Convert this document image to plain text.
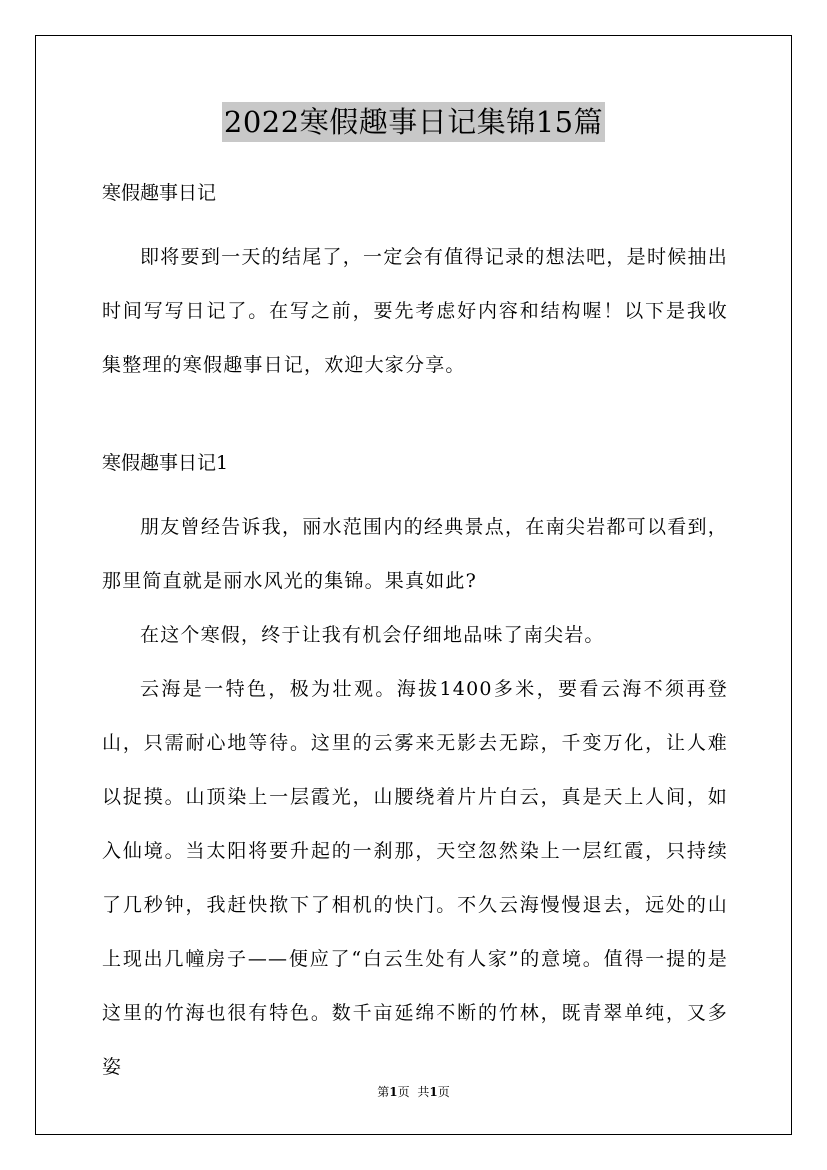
2022寒假趣事日记集锦15篇
寒假趣事日记

即将要到一天的结尾了，一定会有值得记录的想法吧，是时候抽出时间写写日记了。在写之前，要先考虑好内容和结构喔！以下是我收集整理的寒假趣事日记，欢迎大家分享。

寒假趣事日记1

朋友曾经告诉我，丽水范围内的经典景点，在南尖岩都可以看到，那里简直就是丽水风光的集锦。果真如此?

在这个寒假，终于让我有机会仔细地品味了南尖岩。

云海是一特色，极为壮观。海拔1400多米，要看云海不须再登山，只需耐心地等待。这里的云雾来无影去无踪，千变万化，让人难以捉摸。山顶染上一层霞光，山腰绕着片片白云，真是天上人间，如入仙境。当太阳将要升起的一刹那，天空忽然染上一层红霞，只持续了几秒钟，我赶快揿下了相机的快门。不久云海慢慢退去，远处的山上现出几幢房子——便应了“白云生处有人家”的意境。值得一提的是这里的竹海也很有特色。数千亩延绵不断的竹林，既青翠单纯，又多姿

第1页 共1页
